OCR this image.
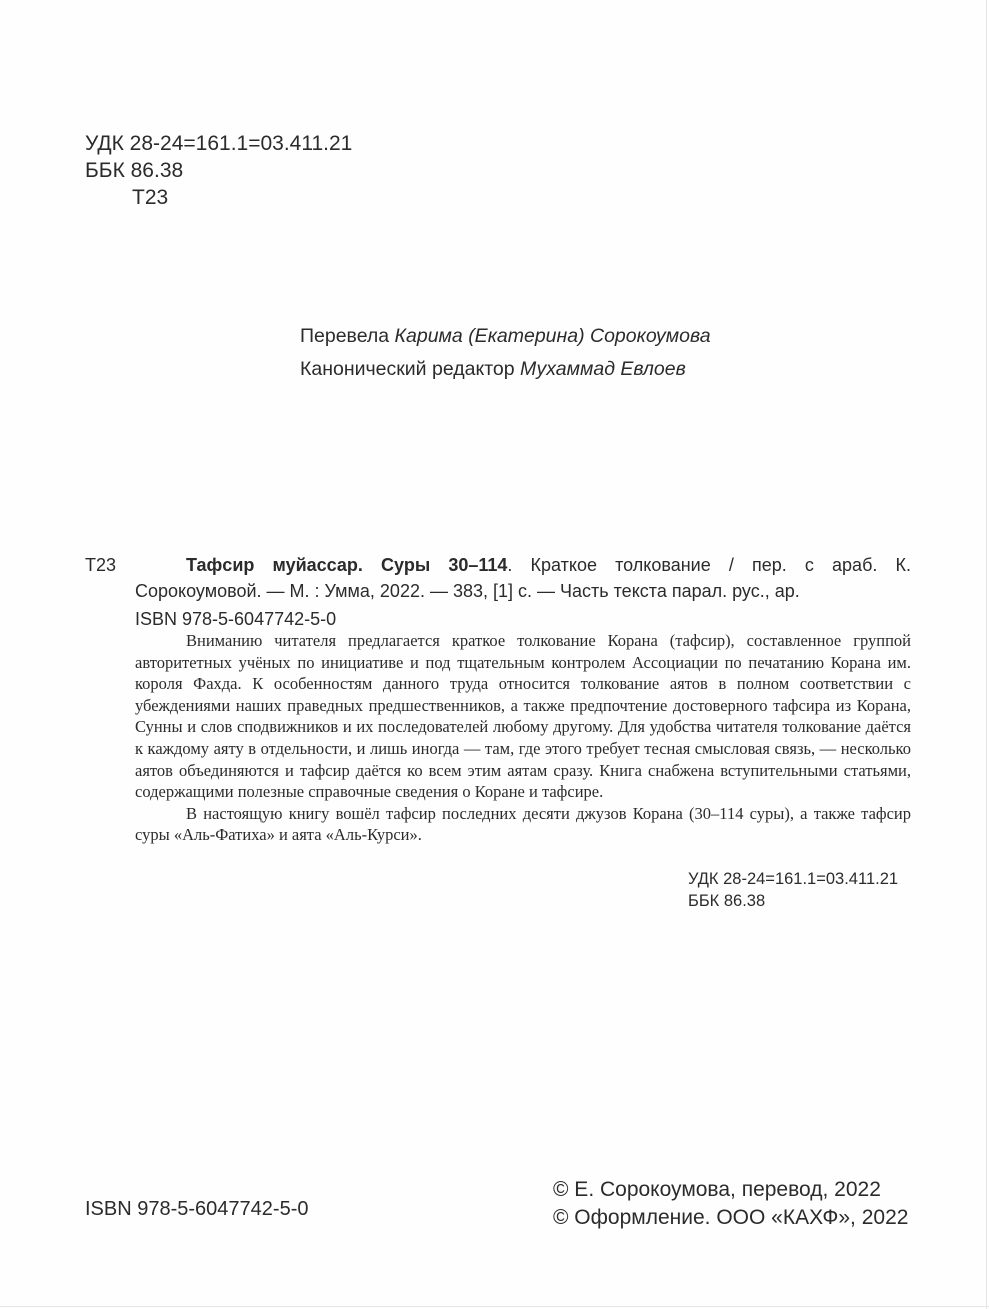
УДК 28-24=161.1=03.411.21
ББК 86.38
Т23
Перевела Карима (Екатерина) Сорокоумова
Канонический редактор Мухаммад Евлоев
Т23	Тафсир муйассар. Суры 30–114. Краткое толкование / пер. с араб. К. Сорокоумовой. — М. : Умма, 2022. — 383, [1] с. — Часть текста парал. рус., ар.

ISBN 978-5-6047742-5-0

Вниманию читателя предлагается краткое толкование Корана (тафсир), составленное группой авторитетных учёных по инициативе и под тщательным контролем Ассоциации по печатанию Корана им. короля Фахда. К особенностям данного труда относится толкование аятов в полном соответствии с убеждениями наших праведных предшественников, а также предпочтение достоверного тафсира из Корана, Сунны и слов сподвижников и их последователей любому другому. Для удобства читателя толкование даётся к каждому аяту в отдельности, и лишь иногда — там, где этого требует тесная смысловая связь, — несколько аятов объединяются и тафсир даётся ко всем этим аятам сразу. Книга снабжена вступительными статьями, содержащими полезные справочные сведения о Коране и тафсире.

В настоящую книгу вошёл тафсир последних десяти джузов Корана (30–114 суры), а также тафсир суры «Аль-Фатиха» и аята «Аль-Курси».

УДК 28-24=161.1=03.411.21
ББК 86.38
ISBN 978-5-6047742-5-0
© Е. Сорокоумова, перевод, 2022
© Оформление. ООО «КАХФ», 2022
